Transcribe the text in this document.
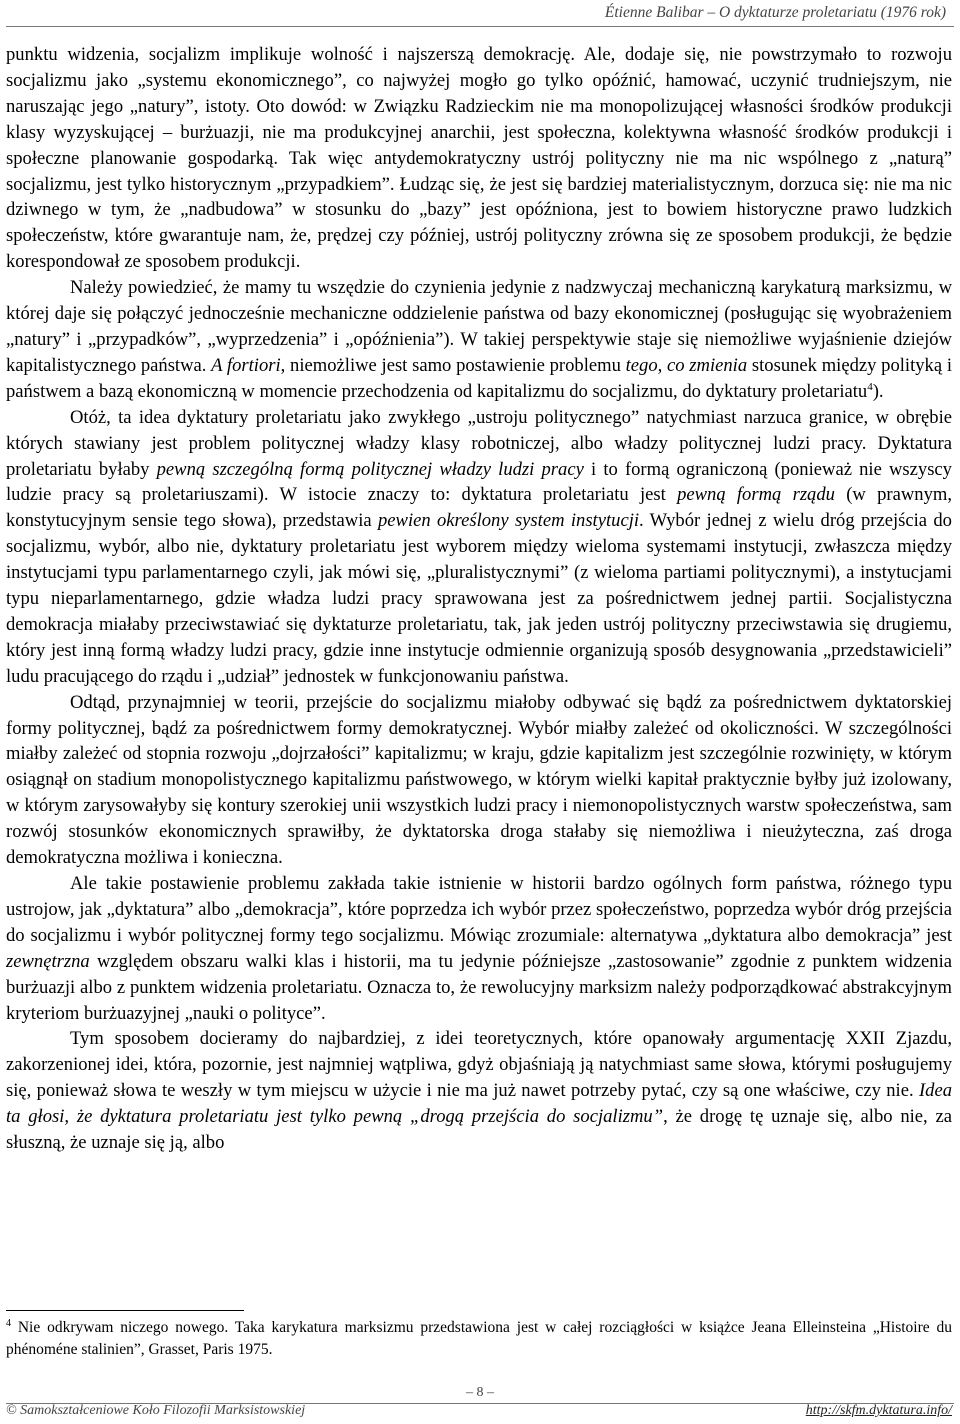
Étienne Balibar – O dyktaturze proletariatu (1976 rok)

punktu widzenia, socjalizm implikuje wolność i najszerszą demokrację. Ale, dodaje się, nie powstrzymało to rozwoju socjalizmu jako „systemu ekonomicznego”, co najwyżej mogło go tylko opóźnić, hamować, uczynić trudniejszym, nie naruszając jego „natury”, istoty. Oto dowód: w Związku Radzieckim nie ma monopolizującej własności środków produkcji klasy wyzyskującej – burżuazji, nie ma produkcyjnej anarchii, jest społeczna, kolektywna własność środków produkcji i społeczne planowanie gospodarką. Tak więc antydemokratyczny ustrój polityczny nie ma nic wspólnego z „naturą” socjalizmu, jest tylko historycznym „przypadkiem”. Łudząc się, że jest się bardziej materialistycznym, dorzuca się: nie ma nic dziwnego w tym, że „nadbudowa” w stosunku do „bazy” jest opóźniona, jest to bowiem historyczne prawo ludzkich społeczeństw, które gwarantuje nam, że, prędzej czy później, ustrój polityczny zrówna się ze sposobem produkcji, że będzie korespondował ze sposobem produkcji.

Należy powiedzieć, że mamy tu wszędzie do czynienia jedynie z nadzwyczaj mechaniczną karykaturą marksizmu, w której daje się połączyć jednocześnie mechaniczne oddzielenie państwa od bazy ekonomicznej (posługując się wyobrażeniem „natury” i „przypadków”, „wyprzedzenia” i „opóźnienia”). W takiej perspektywie staje się niemożliwe wyjaśnienie dziejów kapitalistycznego państwa. A fortiori, niemożliwe jest samo postawienie problemu tego, co zmienia stosunek między polityką i państwem a bazą ekonomiczną w momencie przechodzenia od kapitalizmu do socjalizmu, do dyktatury proletariatu$^4$).

Otóż, ta idea dyktatury proletariatu jako zwykłego „ustroju politycznego” natychmiast narzuca granice, w obrębie których stawiany jest problem politycznej władzy klasy robotniczej, albo władzy politycznej ludzi pracy. Dyktatura proletariatu byłaby pewną szczególną formą politycznej władzy ludzi pracy i to formą ograniczoną (ponieważ nie wszyscy ludzie pracy są proletariuszami). W istocie znaczy to: dyktatura proletariatu jest pewną formą rządu (w prawnym, konstytucyjnym sensie tego słowa), przedstawia pewien określony system instytucji. Wybór jednej z wielu dróg przejścia do socjalizmu, wybór, albo nie, dyktatury proletariatu jest wyborem między wieloma systemami instytucji, zwłaszcza między instytucjami typu parlamentarnego czyli, jak mówi się, „pluralistycznymi” (z wieloma partiami politycznymi), a instytucjami typu nieparlamentarnego, gdzie władza ludzi pracy sprawowana jest za pośrednictwem jednej partii. Socjalistyczna demokracja miałaby przeciwstawiać się dyktaturze proletariatu, tak, jak jeden ustrój polityczny przeciwstawia się drugiemu, który jest inną formą władzy ludzi pracy, gdzie inne instytucje odmiennie organizują sposób desygnowania „przedstawicieli” ludu pracującego do rządu i „udział” jednostek w funkcjonowaniu państwa.

Odtąd, przynajmniej w teorii, przejście do socjalizmu miałoby odbywać się bądź za pośrednictwem dyktatorskiej formy politycznej, bądź za pośrednictwem formy demokratycznej. Wybór miałby zależeć od okoliczności. W szczególności miałby zależeć od stopnia rozwoju „dojrzałości” kapitalizmu; w kraju, gdzie kapitalizm jest szczególnie rozwinięty, w którym osiągnął on stadium monopolistycznego kapitalizmu państwowego, w którym wielki kapitał praktycznie byłby już izolowany, w którym zarysowałyby się kontury szerokiej unii wszystkich ludzi pracy i niemonopolistycznych warstw społeczeństwa, sam rozwój stosunków ekonomicznych sprawiłby, że dyktatorska droga stałaby się niemożliwa i nieużyteczna, zaś droga demokratyczna możliwa i konieczna.

Ale takie postawienie problemu zakłada takie istnienie w historii bardzo ogólnych form państwa, różnego typu ustrojow, jak „dyktatura” albo „demokracja”, które poprzedza ich wybór przez społeczeństwo, poprzedza wybór dróg przejścia do socjalizmu i wybór politycznej formy tego socjalizmu. Mówiąc zrozumiale: alternatywa „dyktatura albo demokracja” jest zewnętrzna względem obszaru walki klas i historii, ma tu jedynie późniejsze „zastosowanie” zgodnie z punktem widzenia burżuazji albo z punktem widzenia proletariatu. Oznacza to, że rewolucyjny marksizm należy podporządkować abstrakcyjnym kryteriom burżuazyjnej „nauki o polityce”.

Tym sposobem docieramy do najbardziej, z idei teoretycznych, które opanowały argumentację XXII Zjazdu, zakorzenionej idei, która, pozornie, jest najmniej wątpliwa, gdyż objaśniają ją natychmiast same słowa, którymi posługujemy się, ponieważ słowa te weszły w tym miejscu w użycie i nie ma już nawet potrzeby pytać, czy są one właściwe, czy nie. Idea ta głosi, że dyktatura proletariatu jest tylko pewną „drogą przejścia do socjalizmu”, że drogę tę uznaje się, albo nie, za słuszną, że uznaje się ją, albo

$^4$ Nie odkrywam niczego nowego. Taka karykatura marksizmu przedstawiona jest w całej rozciągłości w książce Jeana Elleinsteina „Histoire du phénoméne stalinien”, Grasset, Paris 1975.
– 8 –
© Samokształceniowe Koło Filozofii Marksistowskiej	http://skfm.dyktatura.info/
